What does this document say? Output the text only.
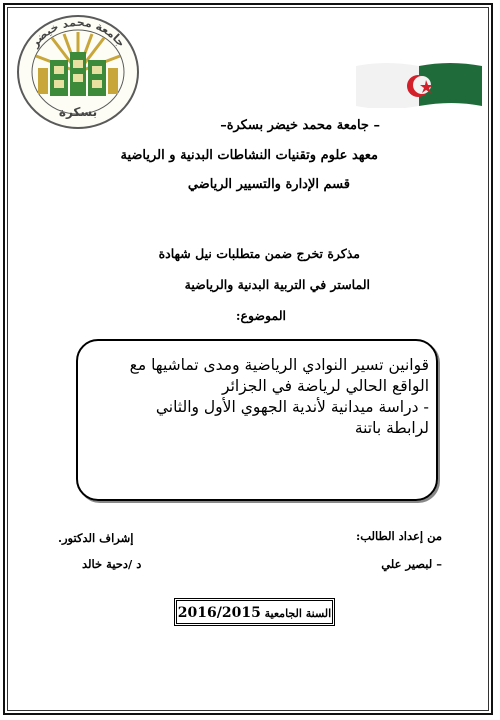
جامعة محمد خيضر
بسكرة
– جامعة محمد خيضر بسكرة–
معهد علوم وتقنيات النشاطات البدنية و الرياضية
قسم الإدارة والتسيير الرياضي
مذكرة تخرج ضمن متطلبات نيل شهادة
الماستر في التربية البدنية والرياضية
الموضوع:
قوانين تسير النوادي الرياضية ومدى تماشيها مع
الواقع الحالي لرياضة في الجزائر
- دراسة ميدانية لأندية الجهوي الأول والثاني
لرابطة باتنة
من إعداد الطالب:
– لبصير علي
إشراف الدكتور.
د /دحية خالد
السنة الجامعية 2016/2015
